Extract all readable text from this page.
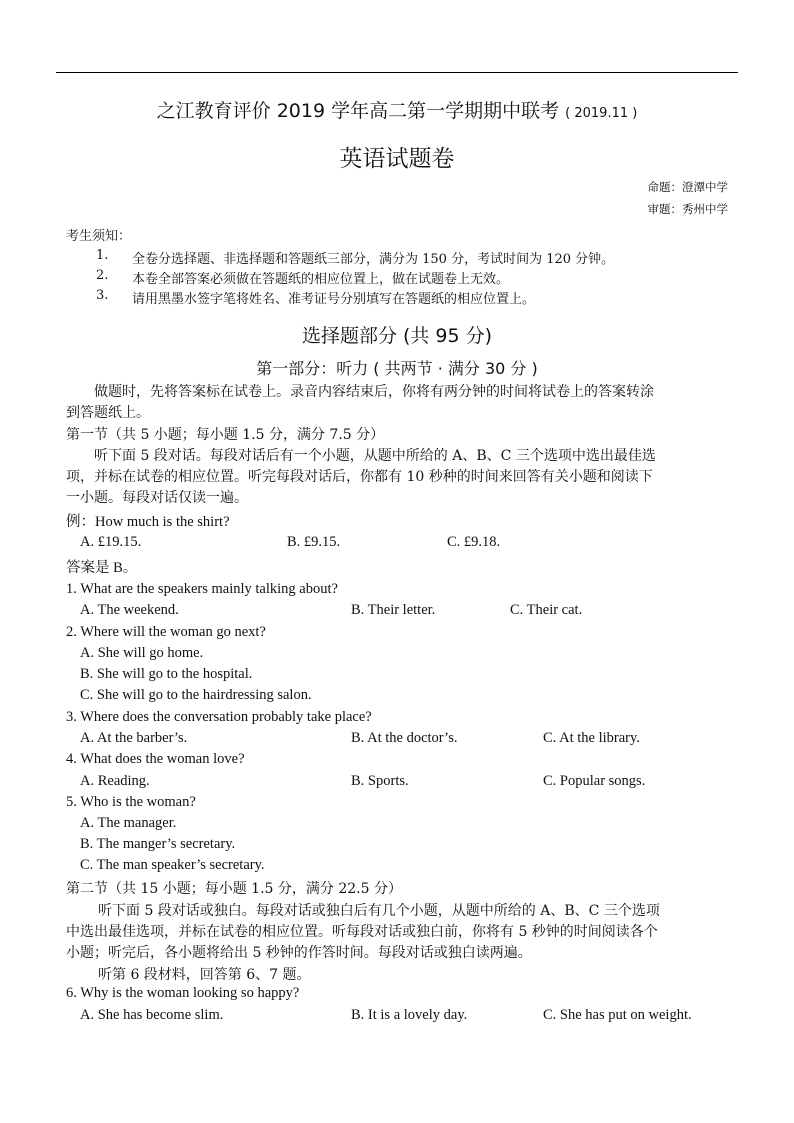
之江教育评价 2019 学年高二第一学期期中联考 ( 2019.11 )
英语试题卷
命题：澄潭中学
审题：秀州中学
考生须知：
1. 全卷分选择题、非选择题和答题纸三部分，满分为 150 分，考试时间为 120 分钟。
2. 本卷全部答案必须做在答题纸的相应位置上，做在试题卷上无效。
3. 请用黑墨水签字笔将姓名、准考证号分别填写在答题纸的相应位置上。
选择题部分 (共 95 分)
第一部分：听力 ( 共两节 · 满分 30 分 )
做题时，先将答案标在试卷上。录音内容结束后，你将有两分钟的时间将试卷上的答案转涂
到答题纸上。
第一节（共 5 小题；每小题 1.5 分，满分 7.5 分）
听下面 5 段对话。每段对话后有一个小题，从题中所给的 A、B、C 三个选项中选出最佳选
项，并标在试卷的相应位置。听完每段对话后，你都有 10 秒种的时间来回答有关小题和阅读下
一小题。每段对话仅读一遍。
例：How much is the shirt?
A. £19.15.	B. £9.15.	C. £9.18.
答案是 B。
1. What are the speakers mainly talking about?
A. The weekend.	B. Their letter.	C. Their cat.
2. Where will the woman go next?
A. She will go home.
B. She will go to the hospital.
C. She will go to the hairdressing salon.
3. Where does the conversation probably take place?
A. At the barber’s.	B. At the doctor’s.	C. At the library.
4. What does the woman love?
A. Reading.	B. Sports.	C. Popular songs.
5. Who is the woman?
A. The manager.
B. The manger’s secretary.
C. The man speaker’s secretary.
第二节（共 15 小题；每小题 1.5 分，满分 22.5 分）
听下面 5 段对话或独白。每段对话或独白后有几个小题，从题中所给的 A、B、C 三个选项
中选出最佳选项，并标在试卷的相应位置。听每段对话或独白前，你将有 5 秒钟的时间阅读各个
小题；听完后，各小题将给出 5 秒钟的作答时间。每段对话或独白读两遍。
听第 6 段材料，回答第 6、7 题。
6. Why is the woman looking so happy?
A. She has become slim.	B. It is a lovely day.	C. She has put on weight.
